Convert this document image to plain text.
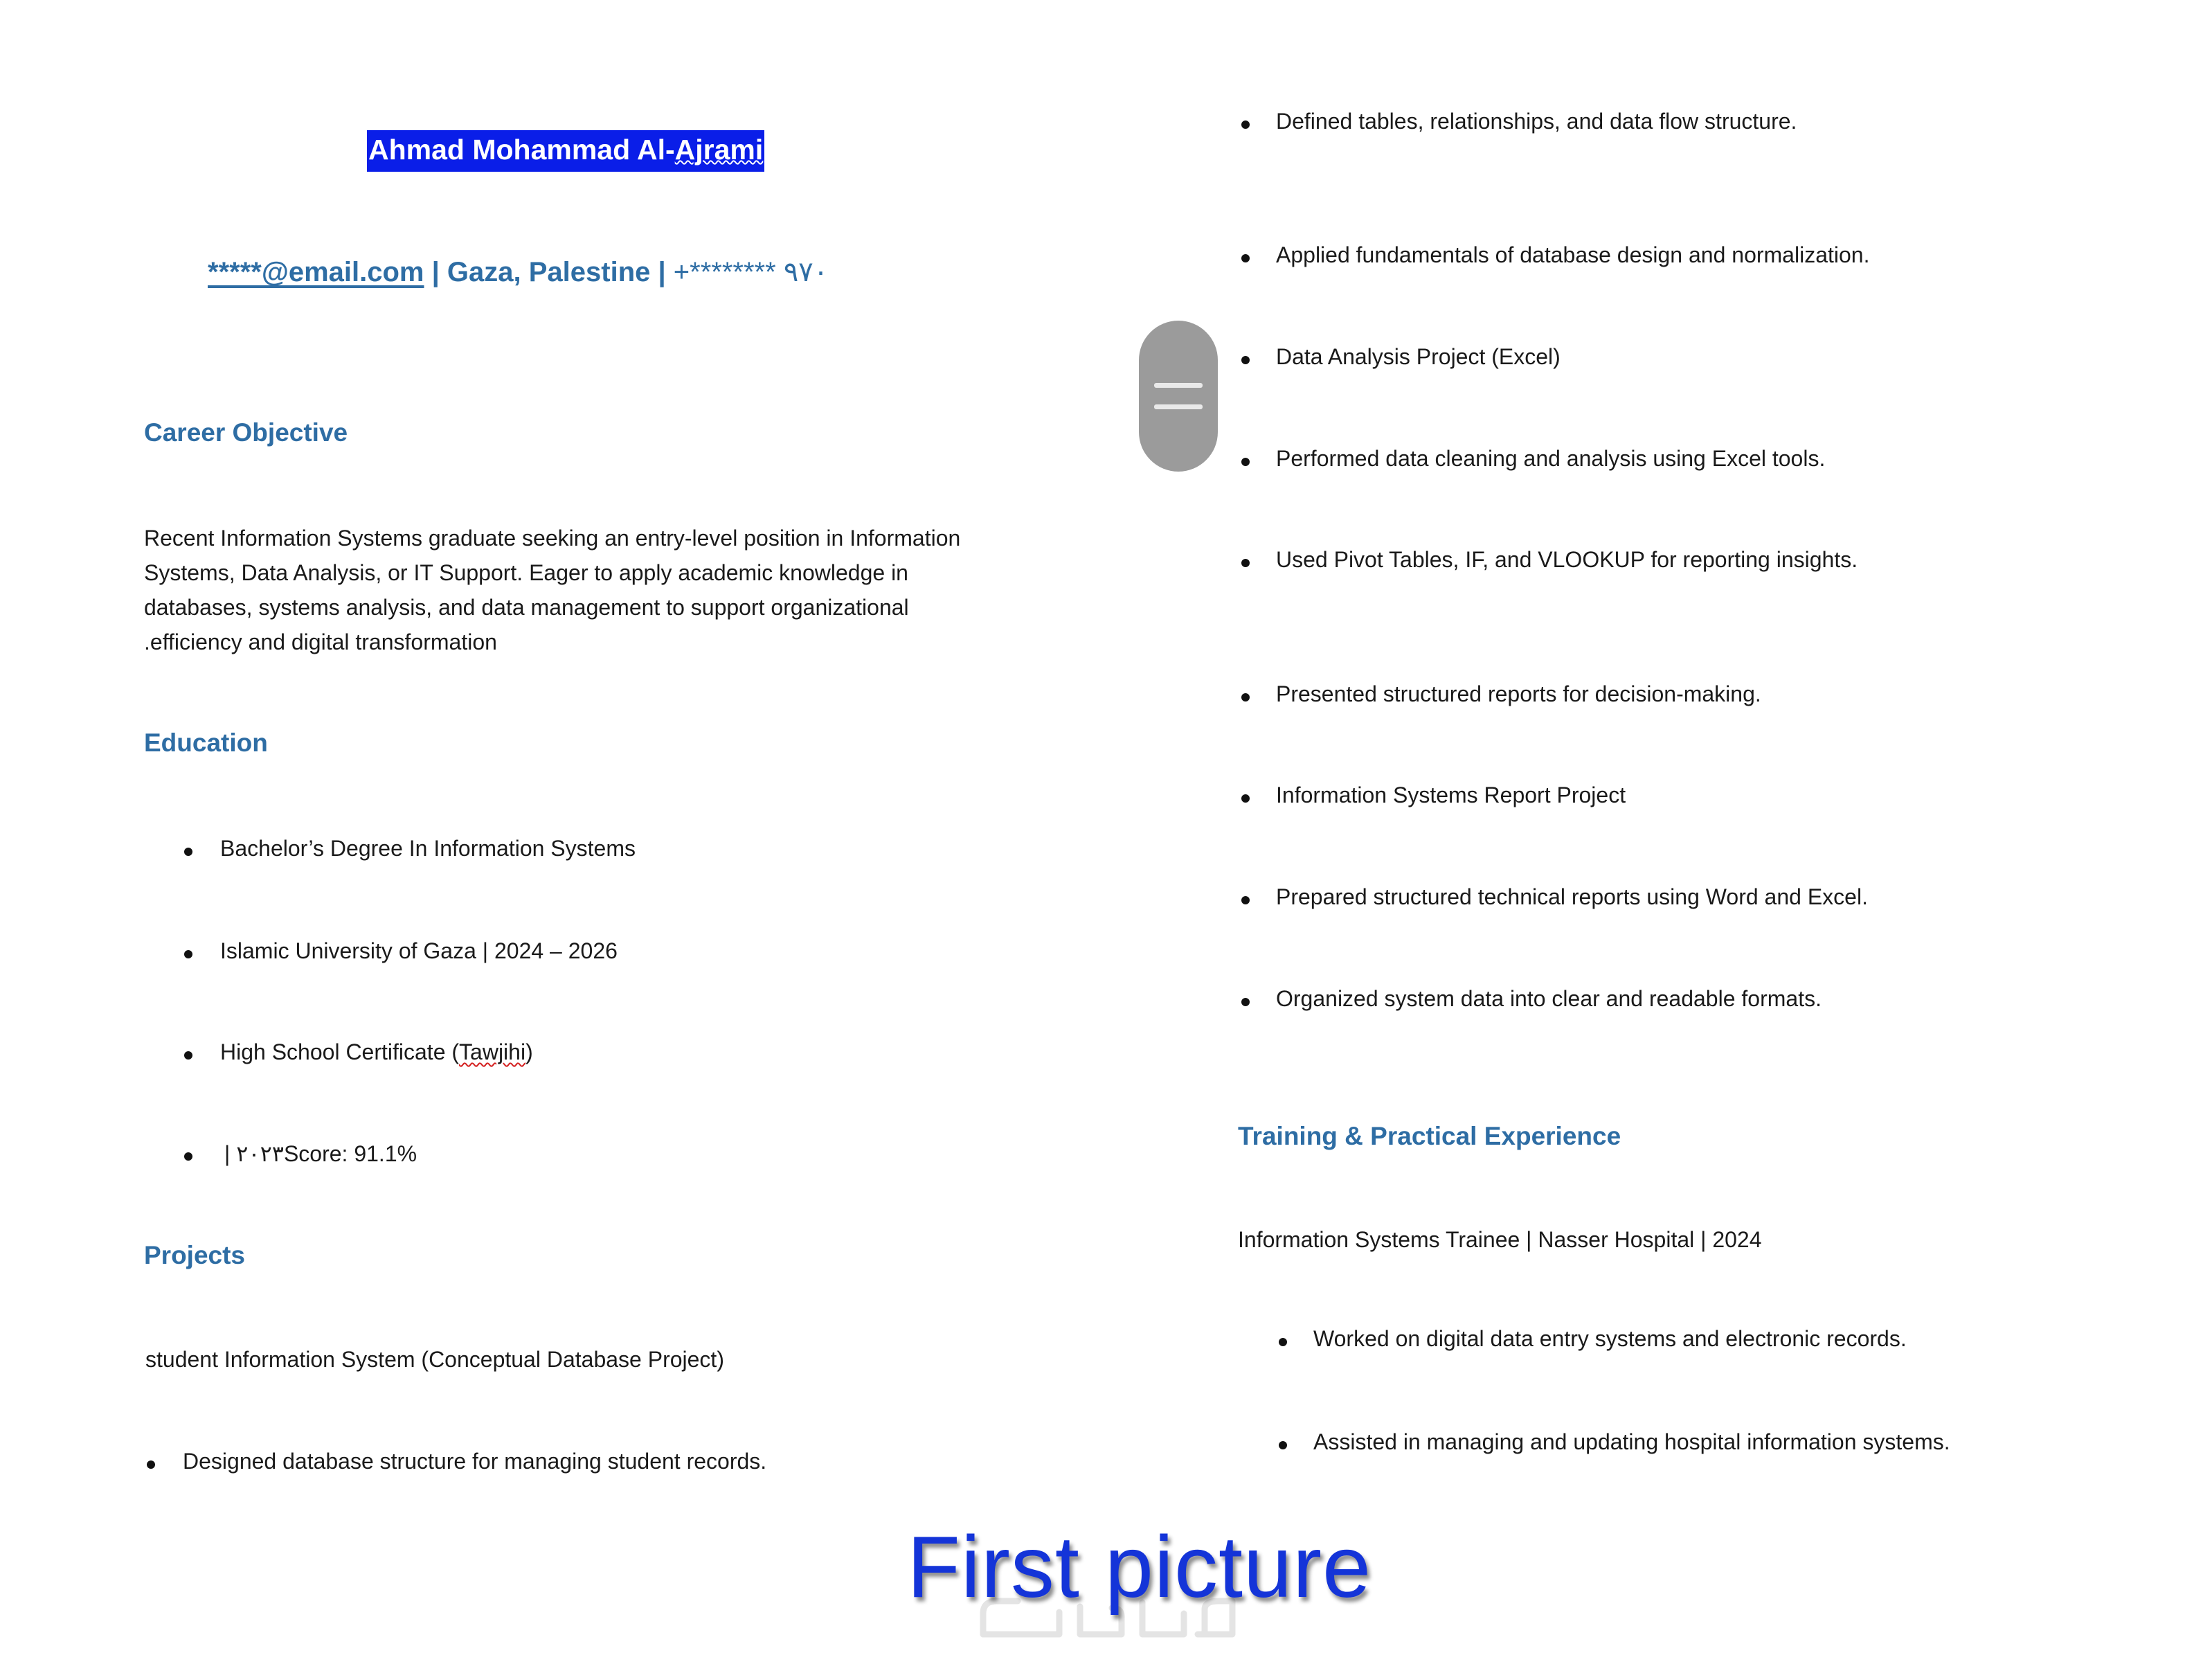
Ahmad Mohammad Al-Ajrami
*****@email.com | Gaza, Palestine | +******** ٩٧٠
Career Objective
Recent Information Systems graduate seeking an entry-level position in Information
Systems, Data Analysis, or IT Support. Eager to apply academic knowledge in
databases, systems analysis, and data management to support organizational
.efficiency and digital transformation
Education
Bachelor’s Degree In Information Systems
Islamic University of Gaza | 2024 – 2026
High School Certificate (Tawjihi)
| ٢٠٢٣Score: 91.1%
Projects
student Information System (Conceptual Database Project)
Designed database structure for managing student records.
Defined tables, relationships, and data flow structure.
Applied fundamentals of database design and normalization.
Data Analysis Project (Excel)
Performed data cleaning and analysis using Excel tools.
Used Pivot Tables, IF, and VLOOKUP for reporting insights.
Presented structured reports for decision-making.
Information Systems Report Project
Prepared structured technical reports using Word and Excel.
Organized system data into clear and readable formats.
Training & Practical Experience
Information Systems Trainee | Nasser Hospital | 2024
Worked on digital data entry systems and electronic records.
Assisted in managing and updating hospital information systems.
First picture
